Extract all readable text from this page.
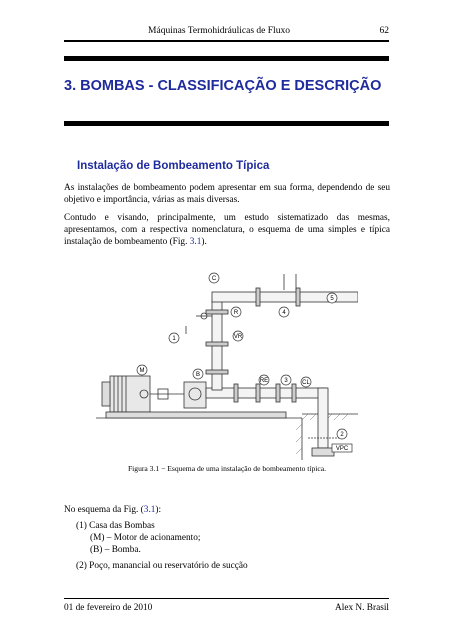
Máquinas Termohidráulicas de Fluxo	62
3. BOMBAS - CLASSIFICAÇÃO E DESCRIÇÃO
Instalação de Bombeamento Típica
As instalações de bombeamento podem apresentar em sua forma, dependendo de seu objetivo e importância, várias as mais diversas.
Contudo e visando, principalmente, um estudo sistematizado das mesmas, apresentamos, com a respectiva nomenclatura, o esquema de uma simples e típica instalação de bombeamento (Fig. 3.1).
C
R
VR
1
M
B
RE	3 CL
4
5
2
VPC
Figura 3.1 − Esquema de uma instalação de bombeamento típica.
No esquema da Fig. (3.1):
(1) Casa das Bombas
(M) – Motor de acionamento;
(B) – Bomba.
(2) Poço, manancial ou reservatório de sucção
01 de fevereiro de 2010	Alex N. Brasil
